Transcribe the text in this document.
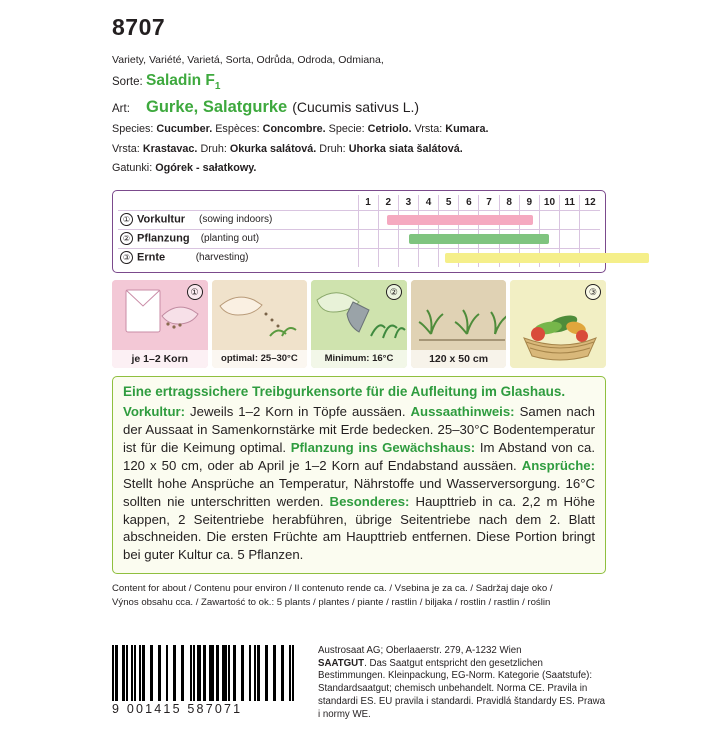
8707
Variety, Variété, Varietá, Sorta, Odrůda, Odroda, Odmiana,
Sorte: Saladin $F_1$
Art: Gurke, Salatgurke (Cucumis sativus L.)
Species: Cucumber. Espèces: Concombre. Specie: Cetriolo. Vrsta: Kumara.
Vrsta: Krastavac. Druh: Okurka salátová. Druh: Uhorka siata šalátová.
Gatunki: Ogórek - sałatkowy.
	1	2	3	4	5	6	7	8	9	10	11	12
① Vorkultur (sowing indoors)		

② Pflanzung (planting out)			

③ Ernte (harvesting)					

①
je 1–2 Korn	optimal: 25–30°C
②
Minimum: 16°C	120 x 50 cm
③
Eine ertragssichere Treibgurkensorte für die Aufleitung im Glashaus.
Vorkultur: Jeweils 1–2 Korn in Töpfe aussäen. Aussaathinweis: Samen nach der Aussaat in Samenkornstärke mit Erde bedecken. 25–30°C Bodentemperatur ist für die Keimung optimal. Pflanzung ins Gewächshaus: Im Abstand von ca. 120 x 50 cm, oder ab April je 1–2 Korn auf Endabstand aussäen. Ansprüche: Stellt hohe Ansprüche an Temperatur, Nährstoffe und Wasserversorgung. 16°C sollten nie unterschritten werden. Besonderes: Haupttrieb in ca. 2,2 m Höhe kappen, 2 Seitentriebe herabführen, übrige Seitentriebe nach dem 2. Blatt abschneiden. Die ersten Früchte am Haupttrieb entfernen. Diese Portion bringt bei guter Kultur ca. 5 Pflanzen.
Content for about / Contenu pour environ / Il contenuto rende ca. / Vsebina je za ca. / Sadržaj daje oko /
Výnos obsahu cca. / Zawartość to ok.: 5 plants / plantes / piante / rastlin / biljaka / rostlin / rastlin / roślin
9 001415 587071
Austrosaat AG; Oberlaaerstr. 279, A-1232 Wien
SAATGUT. Das Saatgut entspricht den gesetzlichen Bestimmungen. Kleinpackung, EG-Norm. Kategorie (Saatstufe): Standardsaatgut; chemisch unbehandelt. Norma CE. Pravila in standardi ES. EU pravila i standardi. Pravidlá štandardy ES. Prawa i normy WE.
